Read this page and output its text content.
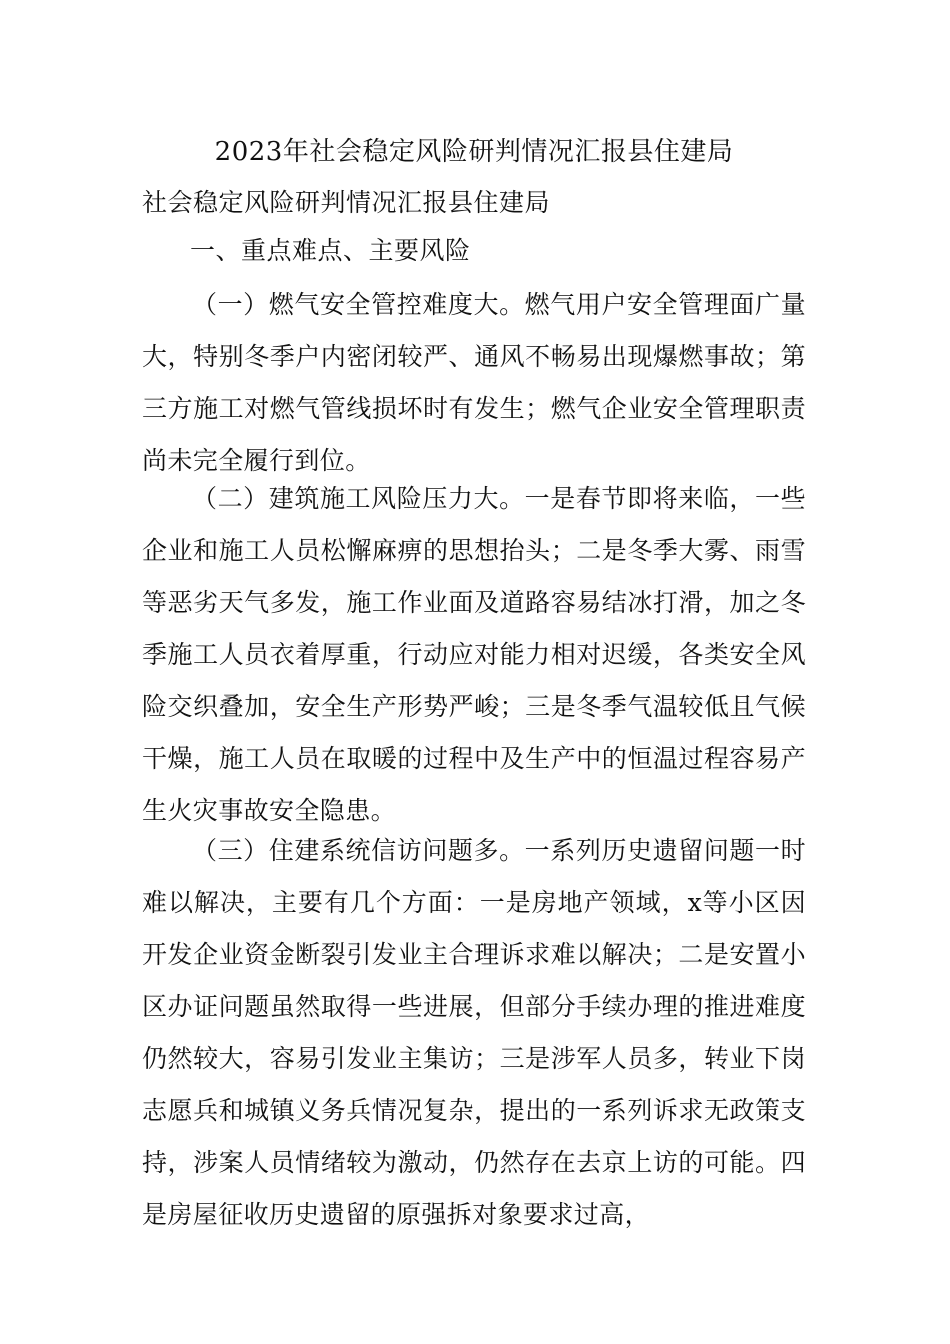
2023年社会稳定风险研判情况汇报县住建局

社会稳定风险研判情况汇报县住建局

一、重点难点、主要风险

（一）燃气安全管控难度大。燃气用户安全管理面广量大，特别冬季户内密闭较严、通风不畅易出现爆燃事故；第三方施工对燃气管线损坏时有发生；燃气企业安全管理职责尚未完全履行到位。

（二）建筑施工风险压力大。一是春节即将来临，一些企业和施工人员松懈麻痹的思想抬头；二是冬季大雾、雨雪等恶劣天气多发，施工作业面及道路容易结冰打滑，加之冬季施工人员衣着厚重，行动应对能力相对迟缓，各类安全风险交织叠加，安全生产形势严峻；三是冬季气温较低且气候干燥，施工人员在取暖的过程中及生产中的恒温过程容易产生火灾事故安全隐患。

（三）住建系统信访问题多。一系列历史遗留问题一时难以解决，主要有几个方面：一是房地产领域，x等小区因开发企业资金断裂引发业主合理诉求难以解决；二是安置小区办证问题虽然取得一些进展，但部分手续办理的推进难度仍然较大，容易引发业主集访；三是涉军人员多，转业下岗志愿兵和城镇义务兵情况复杂，提出的一系列诉求无政策支持，涉案人员情绪较为激动，仍然存在去京上访的可能。四是房屋征收历史遗留的原强拆对象要求过高，
